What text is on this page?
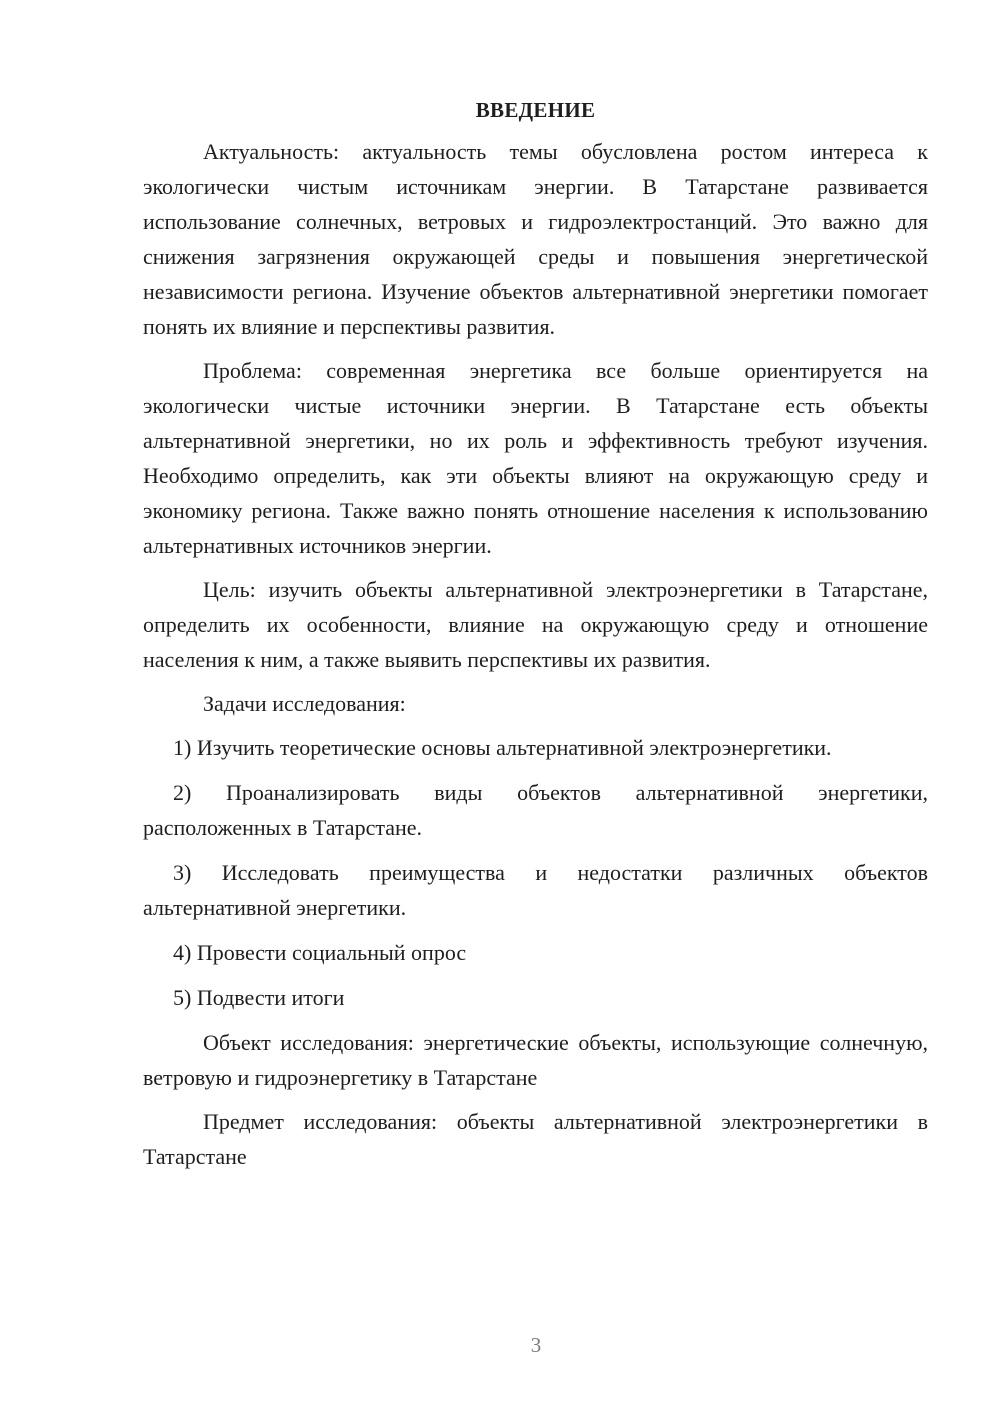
ВВЕДЕНИЕ

Актуальность: актуальность темы обусловлена ростом интереса к экологически чистым источникам энергии. В Татарстане развивается использование солнечных, ветровых и гидроэлектростанций. Это важно для снижения загрязнения окружающей среды и повышения энергетической независимости региона. Изучение объектов альтернативной энергетики помогает понять их влияние и перспективы развития.

Проблема: современная энергетика все больше ориентируется на экологически чистые источники энергии. В Татарстане есть объекты альтернативной энергетики, но их роль и эффективность требуют изучения. Необходимо определить, как эти объекты влияют на окружающую среду и экономику региона. Также важно понять отношение населения к использованию альтернативных источников энергии.

Цель: изучить объекты альтернативной электроэнергетики в Татарстане, определить их особенности, влияние на окружающую среду и отношение населения к ним, а также выявить перспективы их развития.

Задачи исследования:

1) Изучить теоретические основы альтернативной электроэнергетики.

2) Проанализировать виды объектов альтернативной энергетики, расположенных в Татарстане.

3) Исследовать преимущества и недостатки различных объектов альтернативной энергетики.

4) Провести социальный опрос

5) Подвести итоги

Объект исследования: энергетические объекты, использующие солнечную, ветровую и гидроэнергетику в Татарстане

Предмет исследования: объекты альтернативной электроэнергетики в Татарстане

3
